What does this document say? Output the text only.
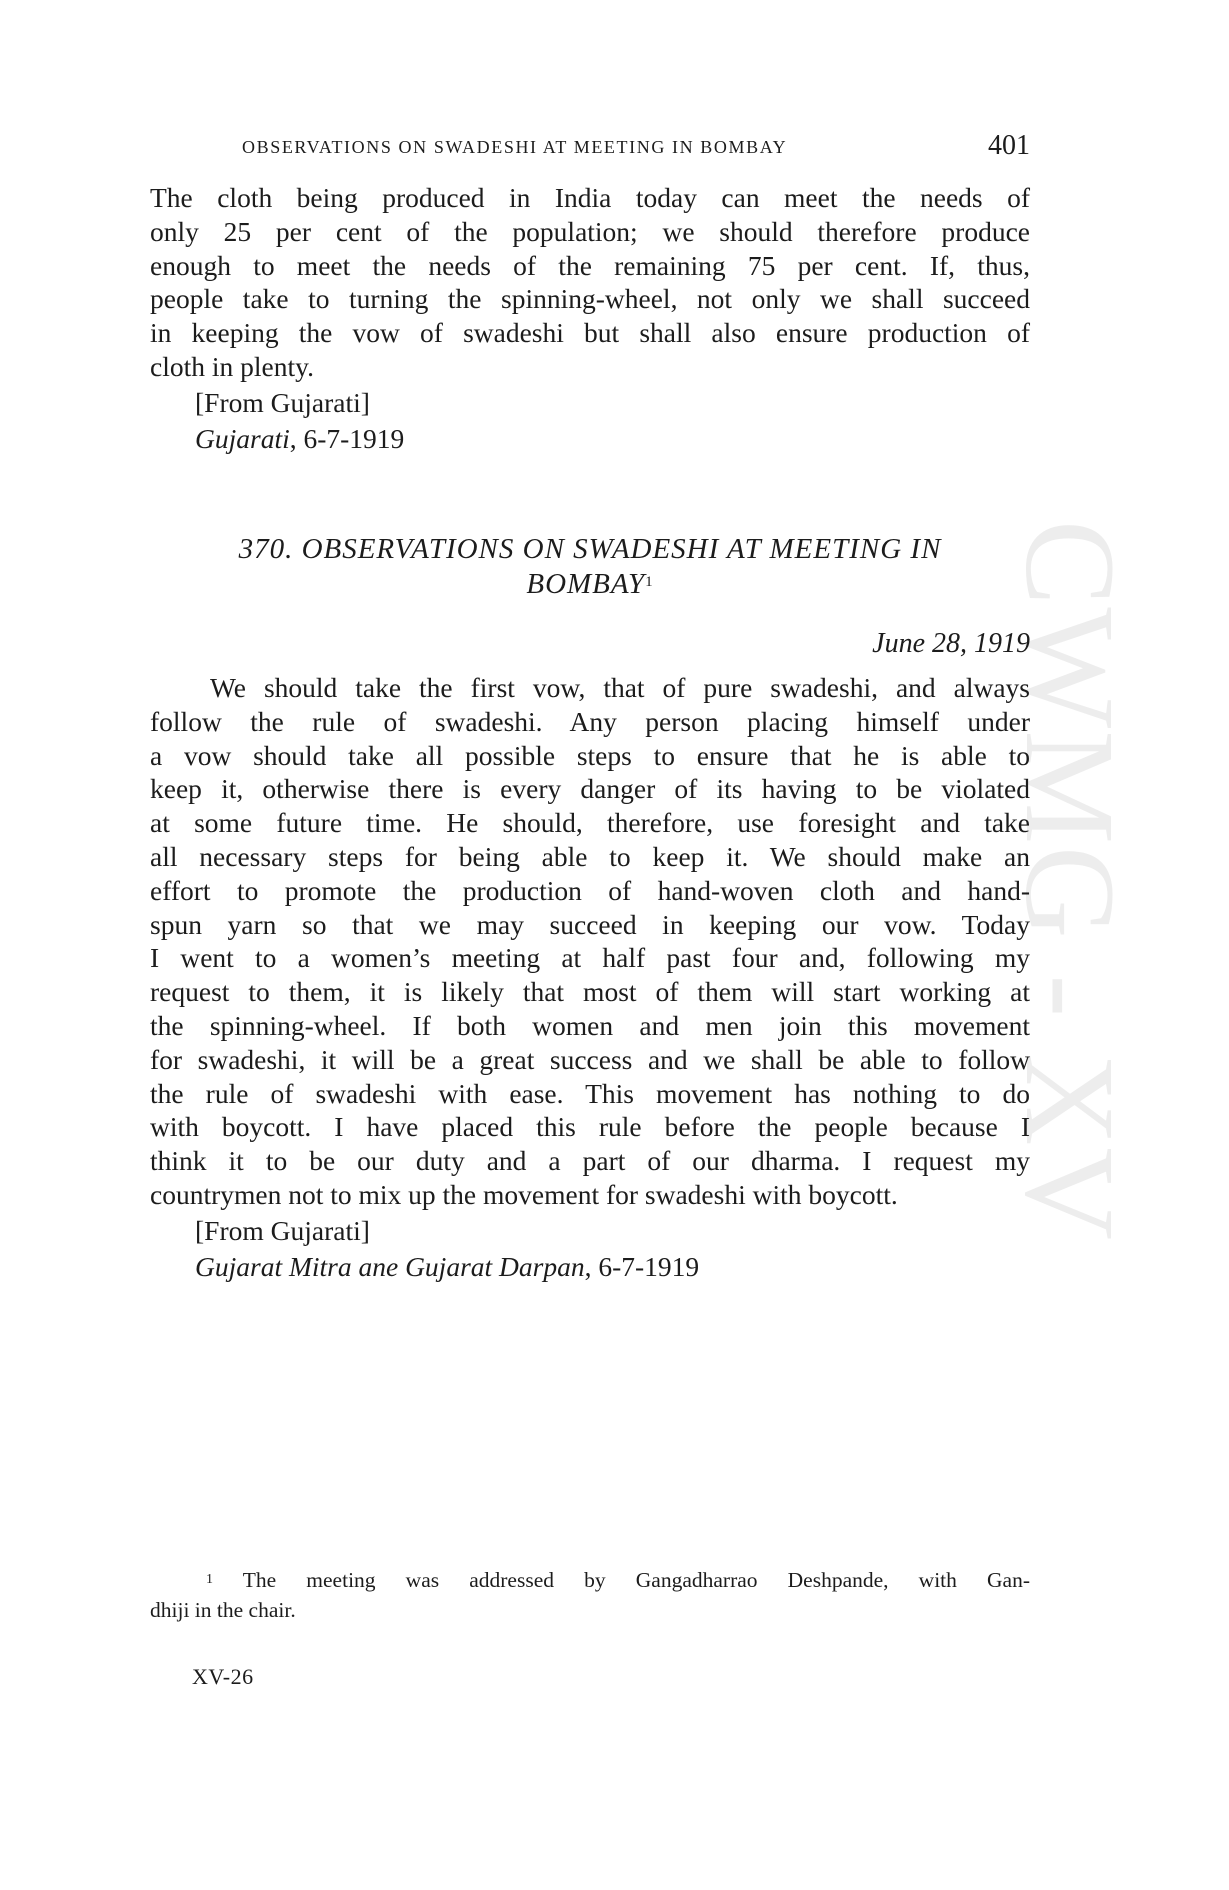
CWMG - XV
OBSERVATIONS ON SWADESHI AT MEETING IN BOMBAY	401

The cloth being produced in India today can meet the needs of
only 25 per cent of the population; we should therefore produce
enough to meet the needs of the remaining 75 per cent. If, thus,
people take to turning the spinning-wheel, not only we shall succeed
in keeping the vow of swadeshi but shall also ensure production of
cloth in plenty.

[From Gujarati]
Gujarati, 6-7-1919
370. OBSERVATIONS ON SWADESHI AT MEETING IN
BOMBAY$^1$
June 28, 1919

We should take the first vow, that of pure swadeshi, and always
follow the rule of swadeshi. Any person placing himself under
a vow should take all possible steps to ensure that he is able to
keep it, otherwise there is every danger of its having to be violated
at some future time. He should, therefore, use foresight and take
all necessary steps for being able to keep it. We should make an
effort to promote the production of hand-woven cloth and hand-
spun yarn so that we may succeed in keeping our vow. Today
I went to a women’s meeting at half past four and, following my
request to them, it is likely that most of them will start working at
the spinning-wheel. If both women and men join this movement
for swadeshi, it will be a great success and we shall be able to follow
the rule of swadeshi with ease. This movement has nothing to do
with boycott. I have placed this rule before the people because I
think it to be our duty and a part of our dharma. I request my
countrymen not to mix up the movement for swadeshi with boycott.

[From Gujarati]
Gujarat Mitra ane Gujarat Darpan, 6-7-1919
$^1$ The meeting was addressed by Gangadharrao Deshpande, with Gan-
dhiji in the chair.
XV-26
